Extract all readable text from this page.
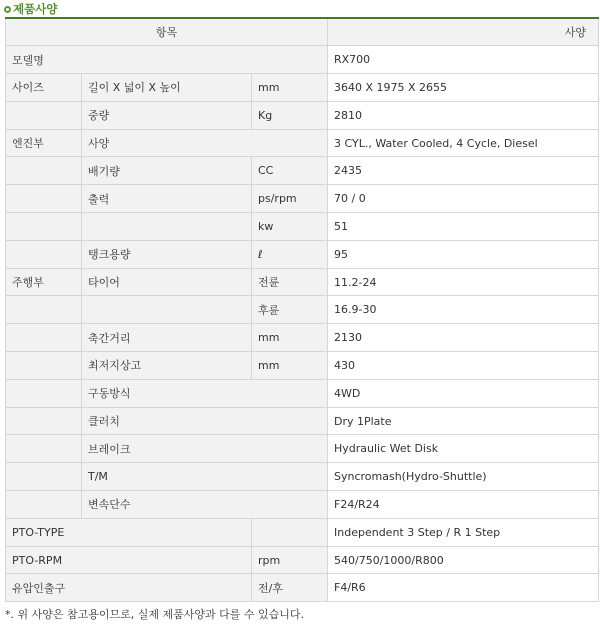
제품사양
항목			사양
모델명			RX700
사이즈	길이 X 넓이 X 높이	mm	3640 X 1975 X 2655
	중량	Kg	2810
엔진부	사양		3 CYL., Water Cooled, 4 Cycle, Diesel
	배기량	CC	2435
	출력	ps/rpm	70 / 0
		kw	51
	탱크용량	ℓ	95
주행부	타이어	전륜	11.2-24
		후륜	16.9-30
	축간거리	mm	2130
	최저지상고	mm	430
	구동방식		4WD
	클러치		Dry 1Plate
	브레이크		Hydraulic Wet Disk
	T/M		Syncromash(Hydro-Shuttle)
	변속단수		F24/R24
PTO-TYPE			Independent 3 Step / R 1 Step
PTO-RPM		rpm	540/750/1000/R800
유압인출구		전/후	F4/R6
*. 위 사양은 참고용이므로, 실제 제품사양과 다를 수 있습니다.
